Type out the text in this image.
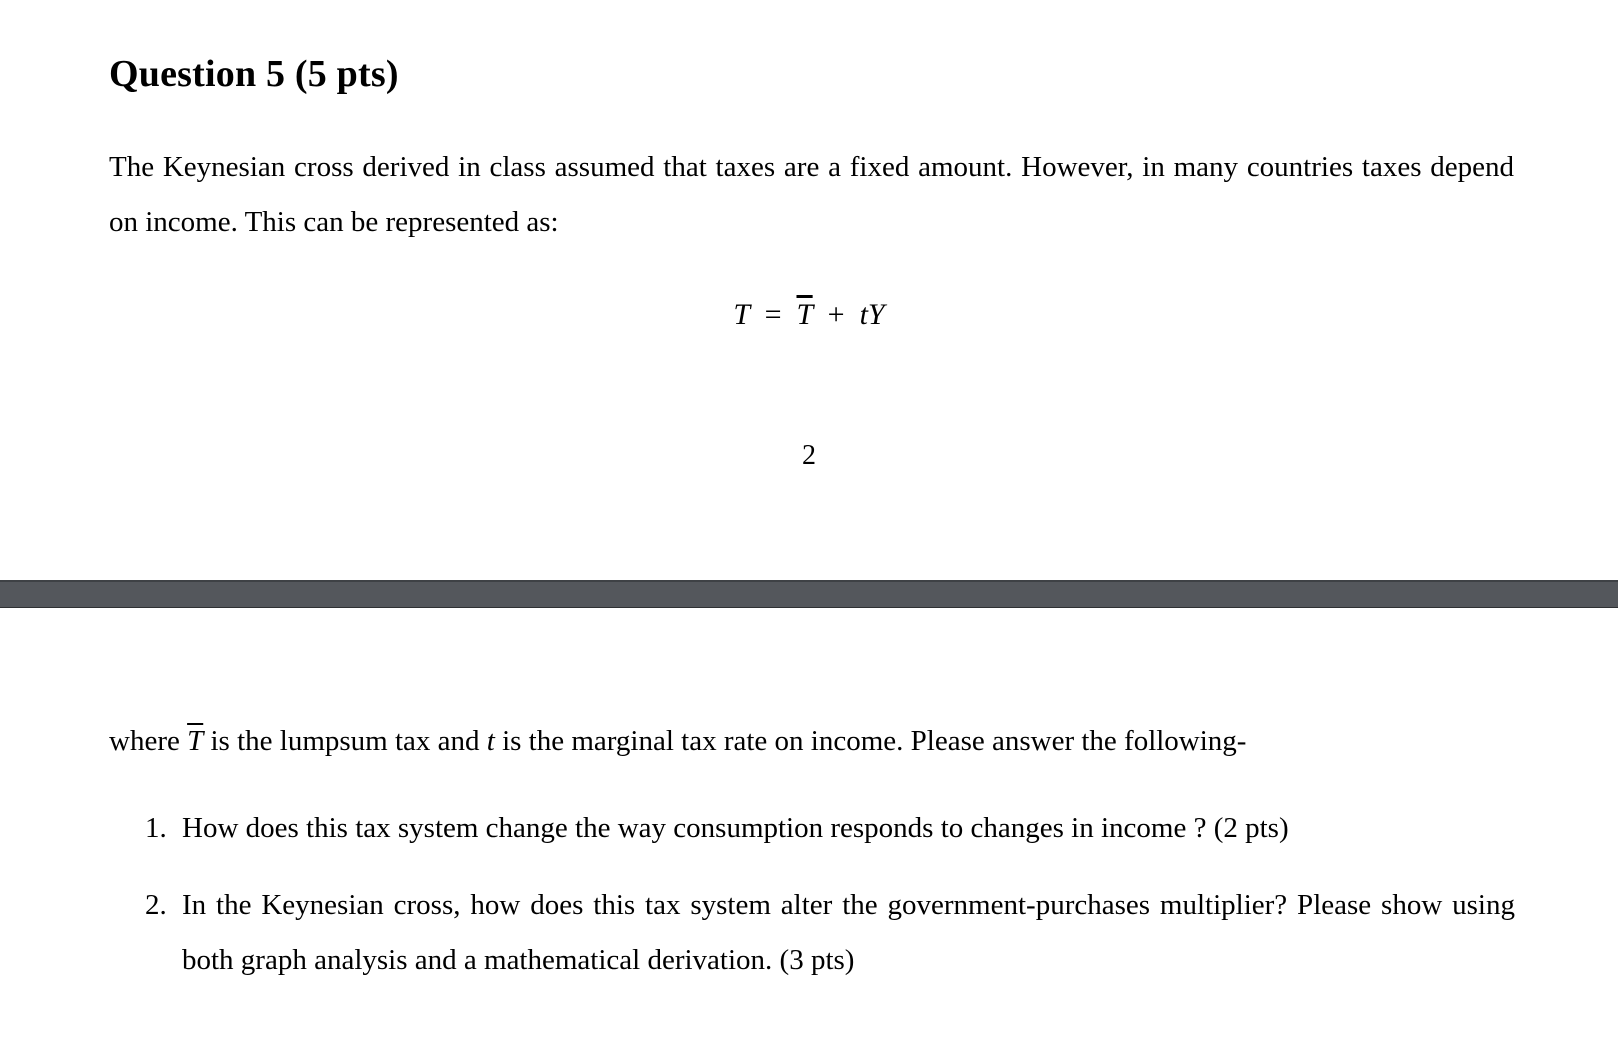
Question 5 (5 pts)

The Keynesian cross derived in class assumed that taxes are a fixed amount. However, in many countries taxes depend on income. This can be represented as:

$T = \overline{T}$ + tY
2

where $\overline{T}$ is the lumpsum tax and t is the marginal tax rate on income. Please answer the following-

1. How does this tax system change the way consumption responds to changes in income ? (2 pts)
2. In the Keynesian cross, how does this tax system alter the government-purchases multiplier? Please show using both graph analysis and a mathematical derivation. (3 pts)
